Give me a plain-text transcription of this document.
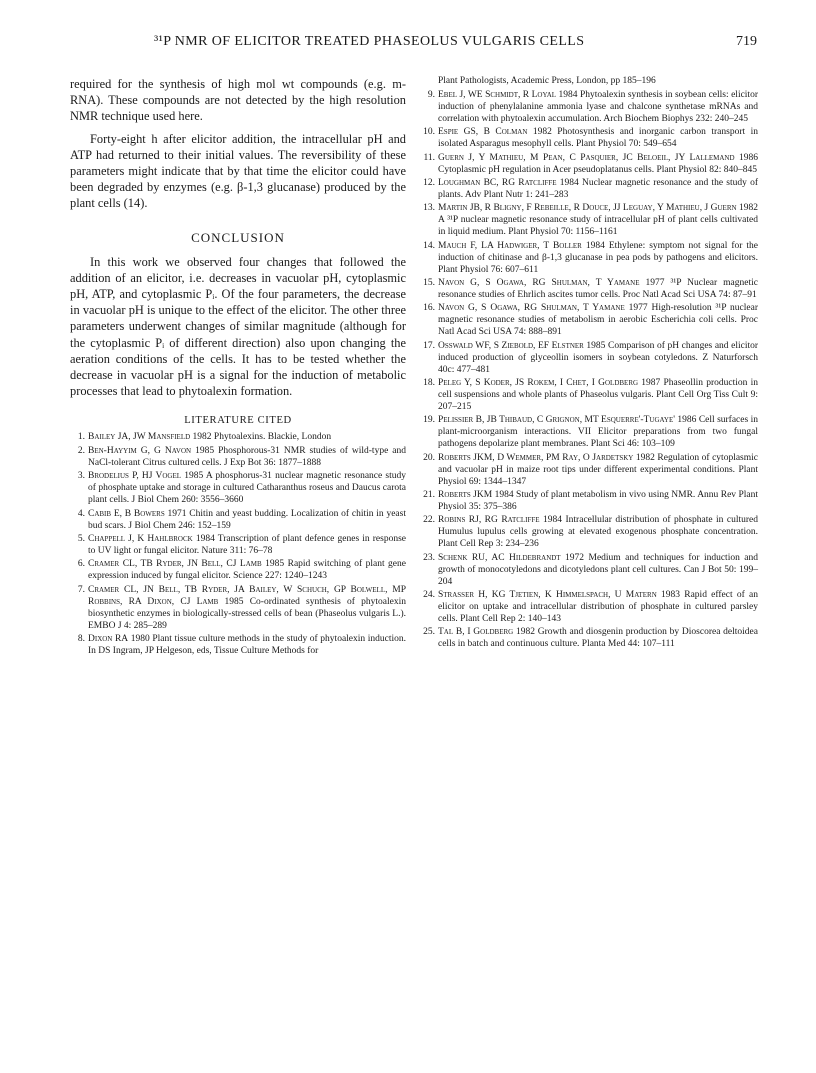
³¹P NMR OF ELICITOR TREATED PHASEOLUS VULGARIS CELLS	719

required for the synthesis of high mol wt compounds (e.g. m-RNA). These compounds are not detected by the high resolution NMR technique used here.

Forty-eight h after elicitor addition, the intracellular pH and ATP had returned to their initial values. The reversibility of these parameters might indicate that by that time the elicitor could have been degraded by enzymes (e.g. β-1,3 glucanase) produced by the plant cells (14).

CONCLUSION

In this work we observed four changes that followed the addition of an elicitor, i.e. decreases in vacuolar pH, cytoplasmic pH, ATP, and cytoplasmic Pᵢ. Of the four parameters, the decrease in vacuolar pH is unique to the effect of the elicitor. The other three parameters underwent changes of similar magnitude (although for the cytoplasmic Pᵢ of different direction) also upon changing the aeration conditions of the cells. It has to be tested whether the decrease in vacuolar pH is a signal for the induction of metabolic processes that lead to phytoalexin formation.

LITERATURE CITED

1. Bailey JA, JW Mansfield 1982 Phytoalexins. Blackie, London

2. Ben-Hayyim G, G Navon 1985 Phosphorous-31 NMR studies of wild-type and NaCl-tolerant Citrus cultured cells. J Exp Bot 36: 1877–1888

3. Brodelius P, HJ Vogel 1985 A phosphorus-31 nuclear magnetic resonance study of phosphate uptake and storage in cultured Catharanthus roseus and Daucus carota plant cells. J Biol Chem 260: 3556–3660

4. Cabib E, B Bowers 1971 Chitin and yeast budding. Localization of chitin in yeast bud scars. J Biol Chem 246: 152–159

5. Chappell J, K Hahlbrock 1984 Transcription of plant defence genes in response to UV light or fungal elicitor. Nature 311: 76–78

6. Cramer CL, TB Ryder, JN Bell, CJ Lamb 1985 Rapid switching of plant gene expression induced by fungal elicitor. Science 227: 1240–1243

7. Cramer CL, JN Bell, TB Ryder, JA Bailey, W Schuch, GP Bolwell, MP Robbins, RA Dixon, CJ Lamb 1985 Co-ordinated synthesis of phytoalexin biosynthetic enzymes in biologically-stressed cells of bean (Phaseolus vulgaris L.). EMBO J 4: 285–289

8. Dixon RA 1980 Plant tissue culture methods in the study of phytoalexin induction. In DS Ingram, JP Helgeson, eds, Tissue Culture Methods for

Plant Pathologists, Academic Press, London, pp 185–196

9. Ebel J, WE Schmidt, R Loyal 1984 Phytoalexin synthesis in soybean cells: elicitor induction of phenylalanine ammonia lyase and chalcone synthetase mRNAs and correlation with phytoalexin accumulation. Arch Biochem Biophys 232: 240–245

10. Espie GS, B Colman 1982 Photosynthesis and inorganic carbon transport in isolated Asparagus mesophyll cells. Plant Physiol 70: 549–654

11. Guern J, Y Mathieu, M Pean, C Pasquier, JC Beloeil, JY Lallemand 1986 Cytoplasmic pH regulation in Acer pseudoplatanus cells. Plant Physiol 82: 840–845

12. Loughman BC, RG Ratcliffe 1984 Nuclear magnetic resonance and the study of plants. Adv Plant Nutr 1: 241–283

13. Martin JB, R Bligny, F Rebeille, R Douce, JJ Leguay, Y Mathieu, J Guern 1982 A ³¹P nuclear magnetic resonance study of intracellular pH of plant cells cultivated in liquid medium. Plant Physiol 70: 1156–1161

14. Mauch F, LA Hadwiger, T Boller 1984 Ethylene: symptom not signal for the induction of chitinase and β-1,3 glucanase in pea pods by pathogens and elicitors. Plant Physiol 76: 607–611

15. Navon G, S Ogawa, RG Shulman, T Yamane 1977 ³¹P Nuclear magnetic resonance studies of Ehrlich ascites tumor cells. Proc Natl Acad Sci USA 74: 87–91

16. Navon G, S Ogawa, RG Shulman, T Yamane 1977 High-resolution ³¹P nuclear magnetic resonance studies of metabolism in aerobic Escherichia coli cells. Proc Natl Acad Sci USA 74: 888–891

17. Osswald WF, S Ziebold, EF Elstner 1985 Comparison of pH changes and elicitor induced production of glyceollin isomers in soybean cotyledons. Z Naturforsch 40c: 477–481

18. Peleg Y, S Koder, JS Rokem, I Chet, I Goldberg 1987 Phaseollin production in cell suspensions and whole plants of Phaseolus vulgaris. Plant Cell Org Tiss Cult 9: 207–215

19. Pelissier B, JB Thibaud, C Grignon, MT Esquerre'-Tugaye' 1986 Cell surfaces in plant-microorganism interactions. VII Elicitor preparations from two fungal pathogens depolarize plant membranes. Plant Sci 46: 103–109

20. Roberts JKM, D Wemmer, PM Ray, O Jardetsky 1982 Regulation of cytoplasmic and vacuolar pH in maize root tips under different experimental conditions. Plant Physiol 69: 1344–1347

21. Roberts JKM 1984 Study of plant metabolism in vivo using NMR. Annu Rev Plant Physiol 35: 375–386

22. Robins RJ, RG Ratcliffe 1984 Intracellular distribution of phosphate in cultured Humulus lupulus cells growing at elevated exogenous phosphate concentration. Plant Cell Rep 3: 234–236

23. Schenk RU, AC Hildebrandt 1972 Medium and techniques for induction and growth of monocotyledons and dicotyledons plant cell cultures. Can J Bot 50: 199–204

24. Strasser H, KG Tjetien, K Himmelspach, U Matern 1983 Rapid effect of an elicitor on uptake and intracellular distribution of phosphate in cultured parsley cells. Plant Cell Rep 2: 140–143

25. Tal B, I Goldberg 1982 Growth and diosgenin production by Dioscorea deltoidea cells in batch and continuous culture. Planta Med 44: 107–111
